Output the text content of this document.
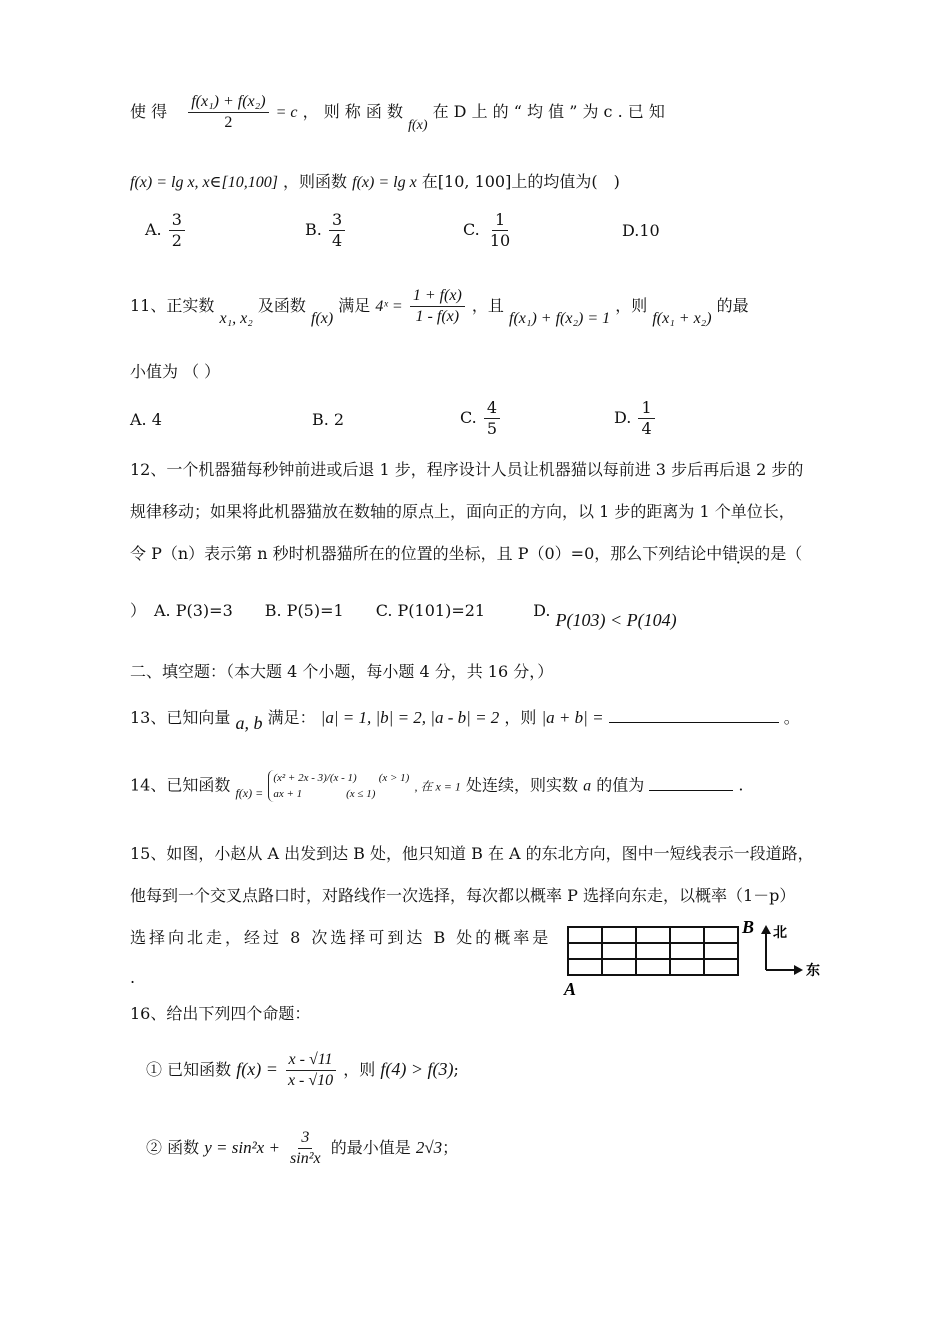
使 得 $\frac{\text{f(x₁) + f(x₂)}}{2} = c$ ， 则 称 函 数 f(x) 在 D 上 的 “ 均 值 ” 为 c . 已 知
f(x) = lg x, x∈[10,100] ，则函数 f(x) = lg x 在[10, 100]上的均值为(　)
A. $\frac{3}{2}$	B. $\frac{3}{4}$	C. $\frac{1}{10}$	D.10
11、正实数 x₁, x₂ 及函数 f(x) 满足 4ˣ = $\frac{1 + f(x)}{1 - f(x)}$ ，且 f(x₁) + f(x₂) = 1 ，则 f(x₁ + x₂) 的最
小值为 （ ）
A. 4	B. 2	C. $\frac{4}{5}$	D. $\frac{1}{4}$
12、一个机器猫每秒钟前进或后退 1 步，程序设计人员让机器猫以每前进 3 步后再后退 2 步的
规律移动；如果将此机器猫放在数轴的原点上，面向正的方向，以 1 步的距离为 1 个单位长，
令 P（n）表示第 n 秒时机器猫所在的位置的坐标，且 P（0）=0，那么下列结论中错误的是（
）　A. P(3)=3　　B. P(5)=1　　C. P(101)=21　　　D. P(103) < P(104)
二、填空题：（本大题 4 个小题，每小题 4 分，共 16 分，）
13、已知向量 a, b 满足： |a| = 1, |b| = 2, |a - b| = 2 ，则 |a + b| =	。
14、已知函数 $_{f(x) =}$
(x² + 2x - 3)/(x - 1)　　(x > 1)
ax + 1　　　　(x ≤ 1)
, 在 x = 1 处连续，则实数 a 的值为	.
15、如图，小赵从 A 出发到达 B 处，他只知道 B 在 A 的东北方向，图中一短线表示一段道路，
他每到一个交叉点路口时，对路线作一次选择，每次都以概率 P 选择向东走，以概率（1－p）
选择向北走，经过 8 次选择可到达 B 处的概率是
.
A
B 北
东
16、给出下列四个命题：
① 已知函数 $f(x) = \frac{x - √11}{x - √10}$ ，则 f(4) > f(3);
② 函数 $y = \sin^2x + \frac{3}{\text{sin²x}}$ 的最小值是 2√3；
